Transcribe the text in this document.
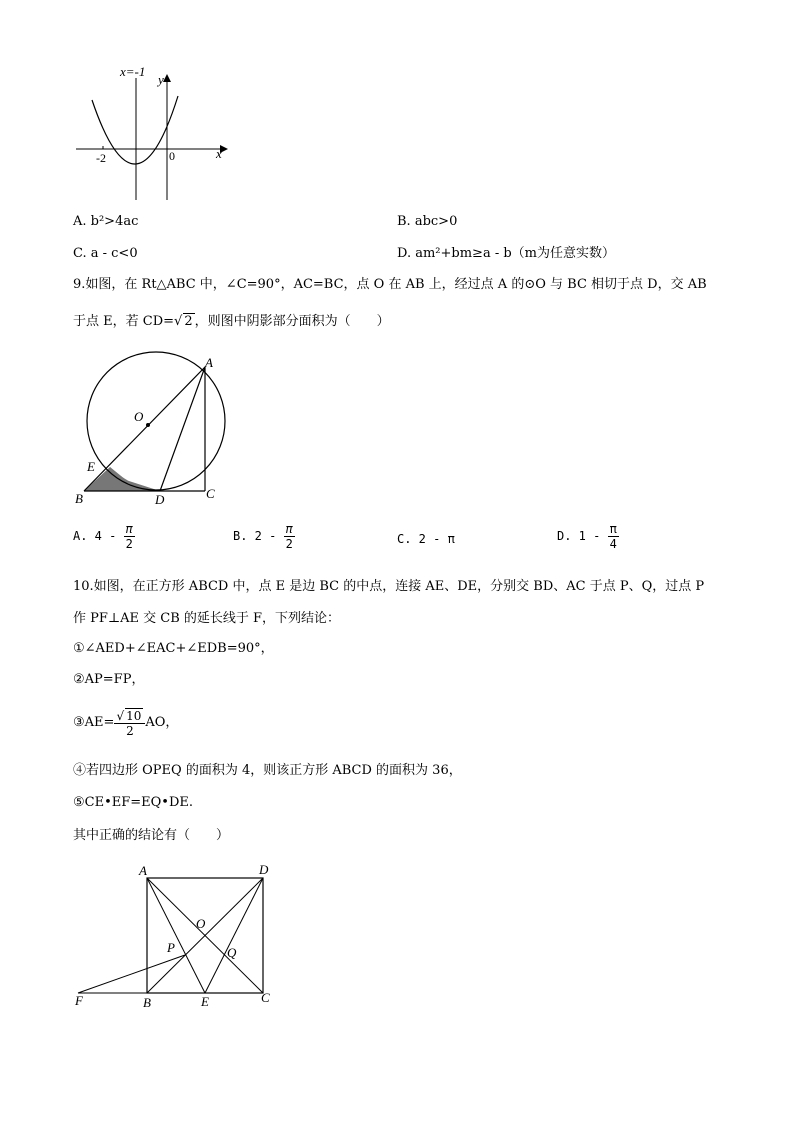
x=-1
y
x
-2	0
A. b²>4ac	B. abc>0
C. a - c<0	D. am²+bm≥a - b（m为任意实数）
9.如图，在 Rt△ABC 中，∠C=90°，AC=BC，点 O 在 AB 上，经过点 A 的⊙O 与 BC 相切于点 D，交 AB
于点 E，若 CD=√ 2 ，则图中阴影部分面积为（　　）
A
O
E
B	D	C
A. $4 - \frac{\pi}{2}$	B. $2 - \frac{\pi}{2}$	C. 2 - π	D. $1 - \frac{\pi}{4}$
10.如图，在正方形 ABCD 中，点 E 是边 BC 的中点，连接 AE、DE，分别交 BD、AC 于点 P、Q，过点 P
作 PF⊥AE 交 CB 的延长线于 F，下列结论：
①∠AED+∠EAC+∠EDB=90°，
②AP=FP，
③AE= $\frac{√ 10}{2}$ AO，
④若四边形 OPEQ 的面积为 4，则该正方形 ABCD 的面积为 36，
⑤CE•EF=EQ•DE.
其中正确的结论有（　　）
A	D
O
P	Q
F	B	E	C
